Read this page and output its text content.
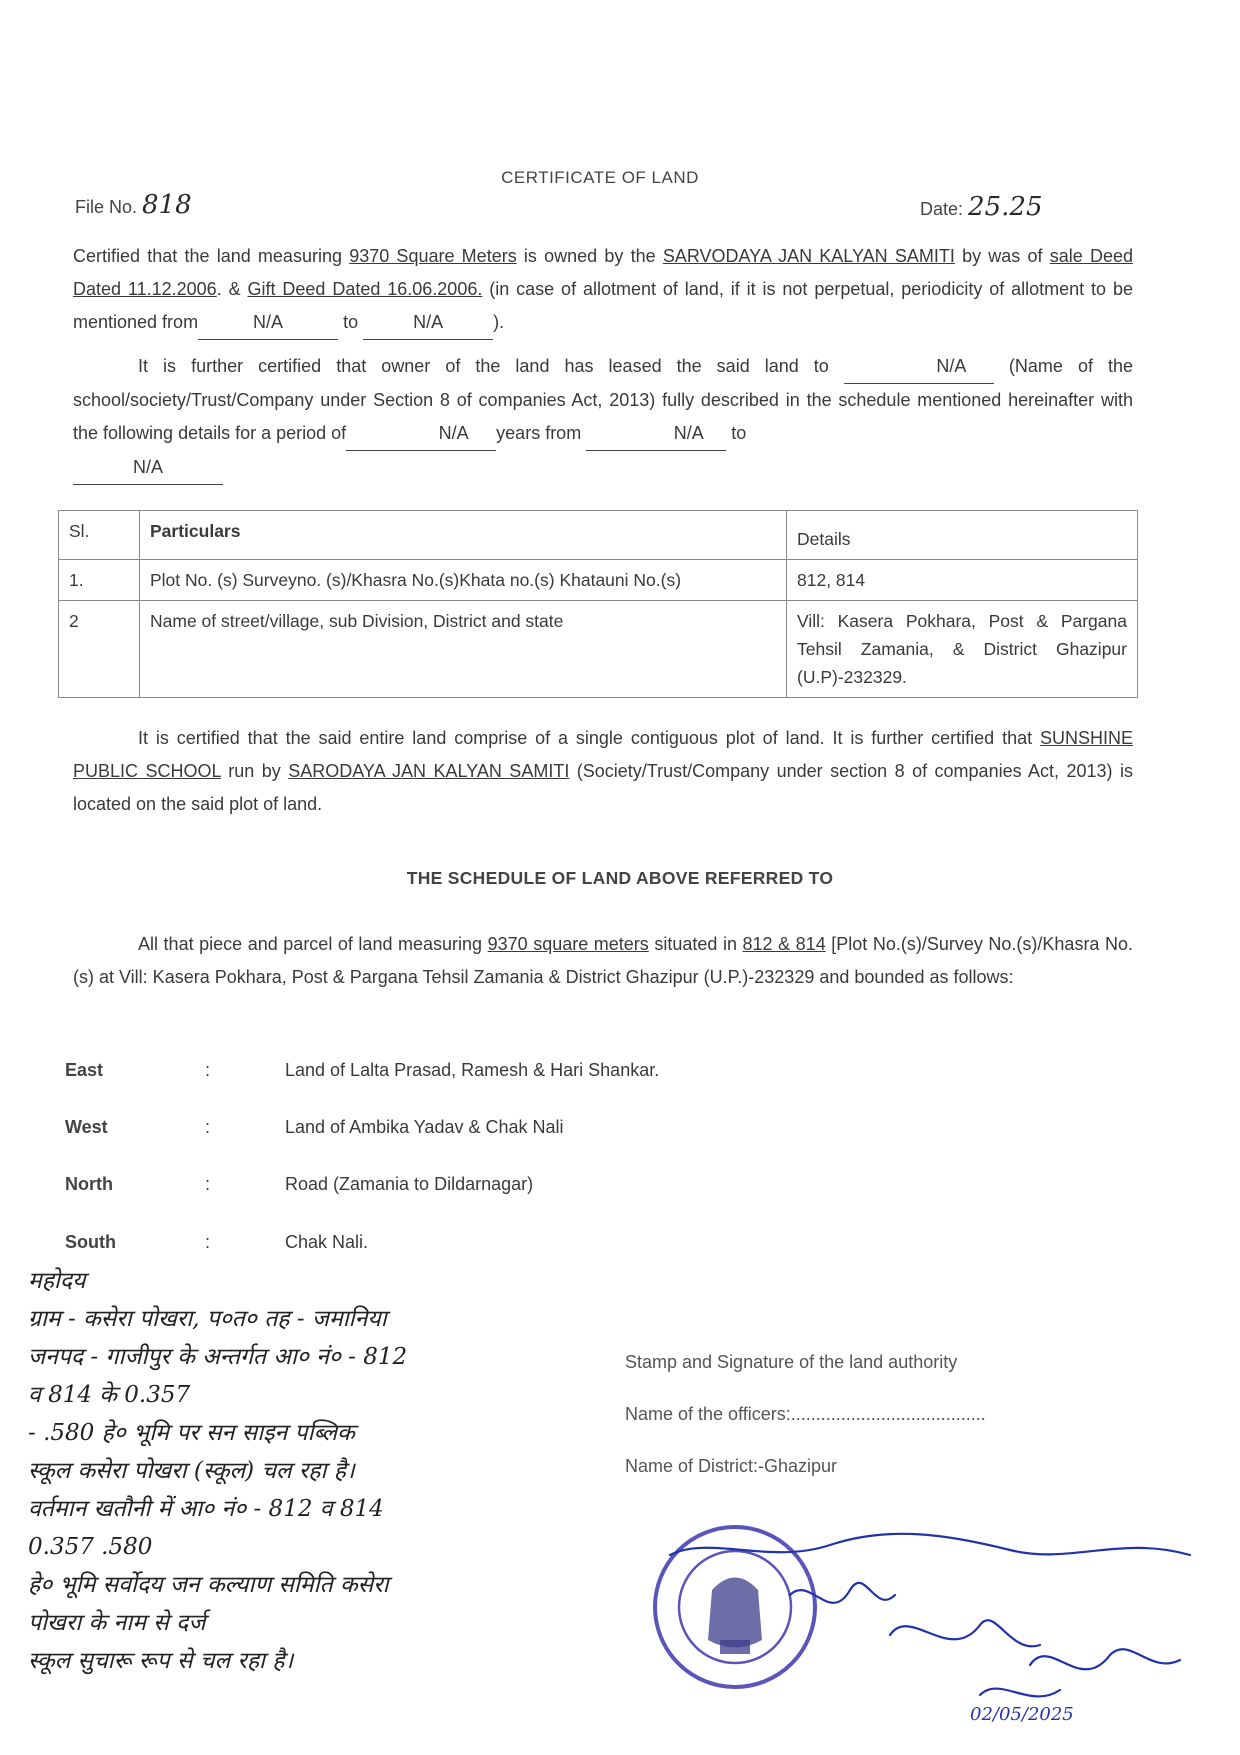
CERTIFICATE OF LAND
File No. 818	Date: 25.25
Certified that the land measuring 9370 Square Meters is owned by the SARVODAYA JAN KALYAN SAMITI by was of sale Deed Dated 11.12.2006. & Gift Deed Dated 16.06.2006. (in case of allotment of land, if it is not perpetual, periodicity of allotment to be mentioned from	N/A	to	N/A	).
It is further certified that owner of the land has leased the said land to	N/A (Name of the school/society/Trust/Company under Section 8 of companies Act, 2013) fully described in the schedule mentioned hereinafter with the following details for a period of	N/A years from	N/A to
N/A
Sl.	Particulars	Details
1.	Plot No. (s) Surveyno. (s)/Khasra No.(s)Khata no.(s) Khatauni No.(s)	812, 814
2	Name of street/village, sub Division, District and state	Vill: Kasera Pokhara, Post & Pargana Tehsil Zamania, & District Ghazipur (U.P)-232329.
It is certified that the said entire land comprise of a single contiguous plot of land. It is further certified that SUNSHINE PUBLIC SCHOOL run by SARODAYA JAN KALYAN SAMITI (Society/Trust/Company under section 8 of companies Act, 2013) is located on the said plot of land.
THE SCHEDULE OF LAND ABOVE REFERRED TO
All that piece and parcel of land measuring 9370 square meters situated in 812 & 814 [Plot No.(s)/Survey No.(s)/Khasra No.(s) at Vill: Kasera Pokhara, Post & Pargana Tehsil Zamania & District Ghazipur (U.P.)-232329 and bounded as follows:
East	:	Land of Lalta Prasad, Ramesh & Hari Shankar.
West	:	Land of Ambika Yadav & Chak Nali
North	:	Road (Zamania to Dildarnagar)
South	:	Chak Nali.
Stamp and Signature of the land authority
Name of the officers:.......................................
Name of District:-Ghazipur
महोदय
ग्राम - कसेरा पोखरा, प०त० तह - जमानिया
जनपद - गाजीपुर के अन्तर्गत आ० नं० - 812
व 814 के 0.357
- .580 हे० भूमि पर सन साइन पब्लिक
स्कूल कसेरा पोखरा (स्कूल) चल रहा है।
वर्तमान खतौनी में आ० नं० - 812 व 814
0.357 .580
हे० भूमि सर्वोदय जन कल्याण समिति कसेरा
पोखरा के नाम से दर्ज
स्कूल सुचारू रूप से चल रहा है।
02/05/2025
